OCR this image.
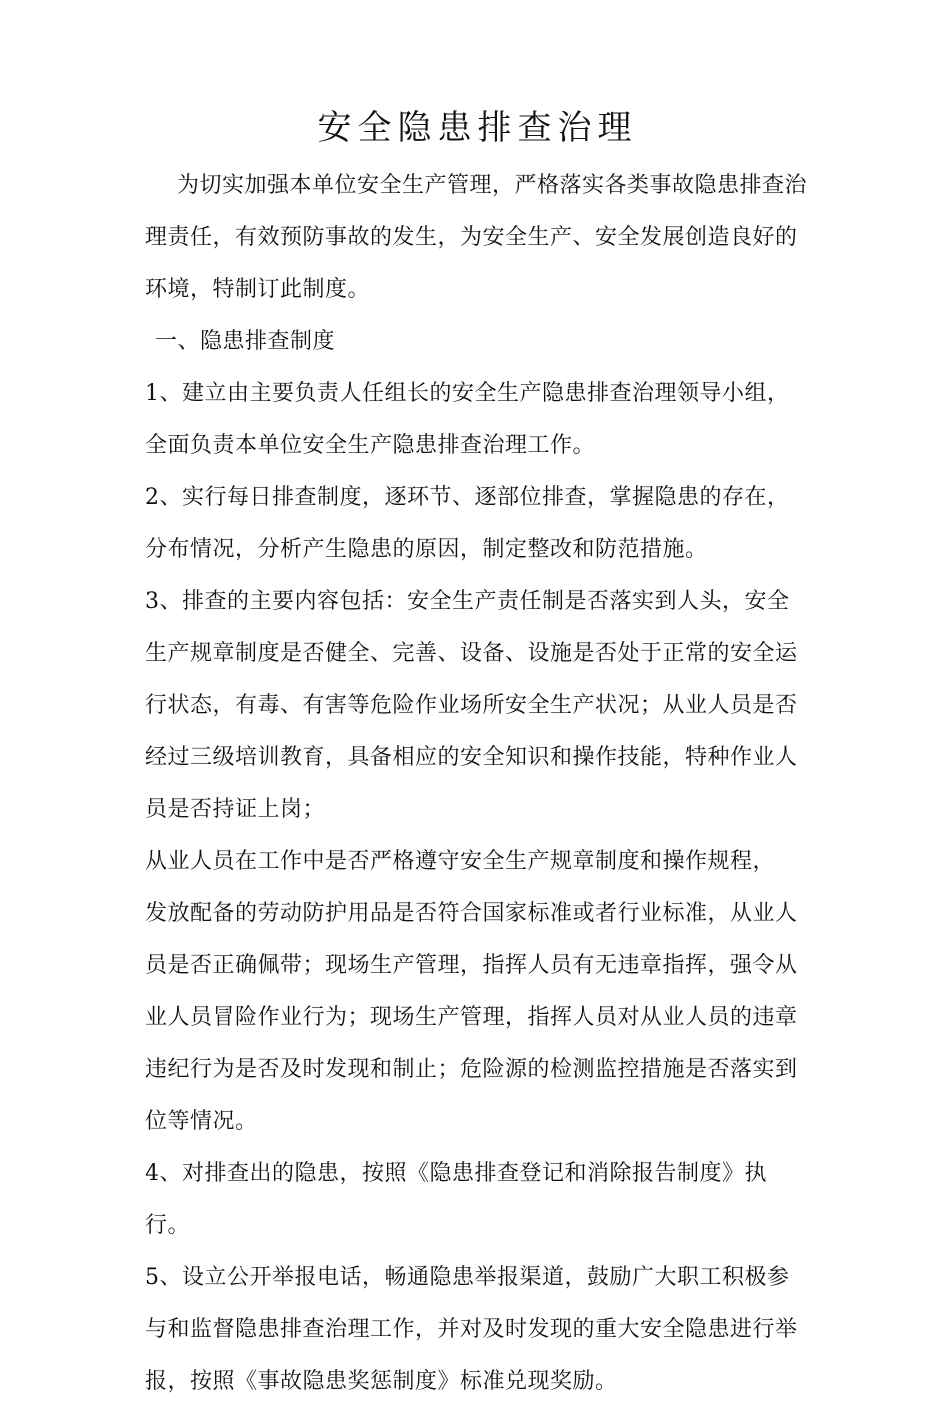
安全隐患排查治理

为切实加强本单位安全生产管理，严格落实各类事故隐患排查治理责任，有效预防事故的发生，为安全生产、安全发展创造良好的环境，特制订此制度。

一、隐患排查制度

1、建立由主要负责人任组长的安全生产隐患排查治理领导小组，全面负责本单位安全生产隐患排查治理工作。

2、实行每日排查制度，逐环节、逐部位排查，掌握隐患的存在，分布情况，分析产生隐患的原因，制定整改和防范措施。

3、排查的主要内容包括：安全生产责任制是否落实到人头，安全生产规章制度是否健全、完善、设备、设施是否处于正常的安全运行状态，有毒、有害等危险作业场所安全生产状况；从业人员是否经过三级培训教育，具备相应的安全知识和操作技能，特种作业人员是否持证上岗；

从业人员在工作中是否严格遵守安全生产规章制度和操作规程，

发放配备的劳动防护用品是否符合国家标准或者行业标准，从业人员是否正确佩带；现场生产管理，指挥人员有无违章指挥，强令从业人员冒险作业行为；现场生产管理，指挥人员对从业人员的违章违纪行为是否及时发现和制止；危险源的检测监控措施是否落实到位等情况。

4、对排查出的隐患，按照《隐患排查登记和消除报告制度》执行。

5、设立公开举报电话，畅通隐患举报渠道，鼓励广大职工积极参与和监督隐患排查治理工作，并对及时发现的重大安全隐患进行举报，按照《事故隐患奖惩制度》标准兑现奖励。
